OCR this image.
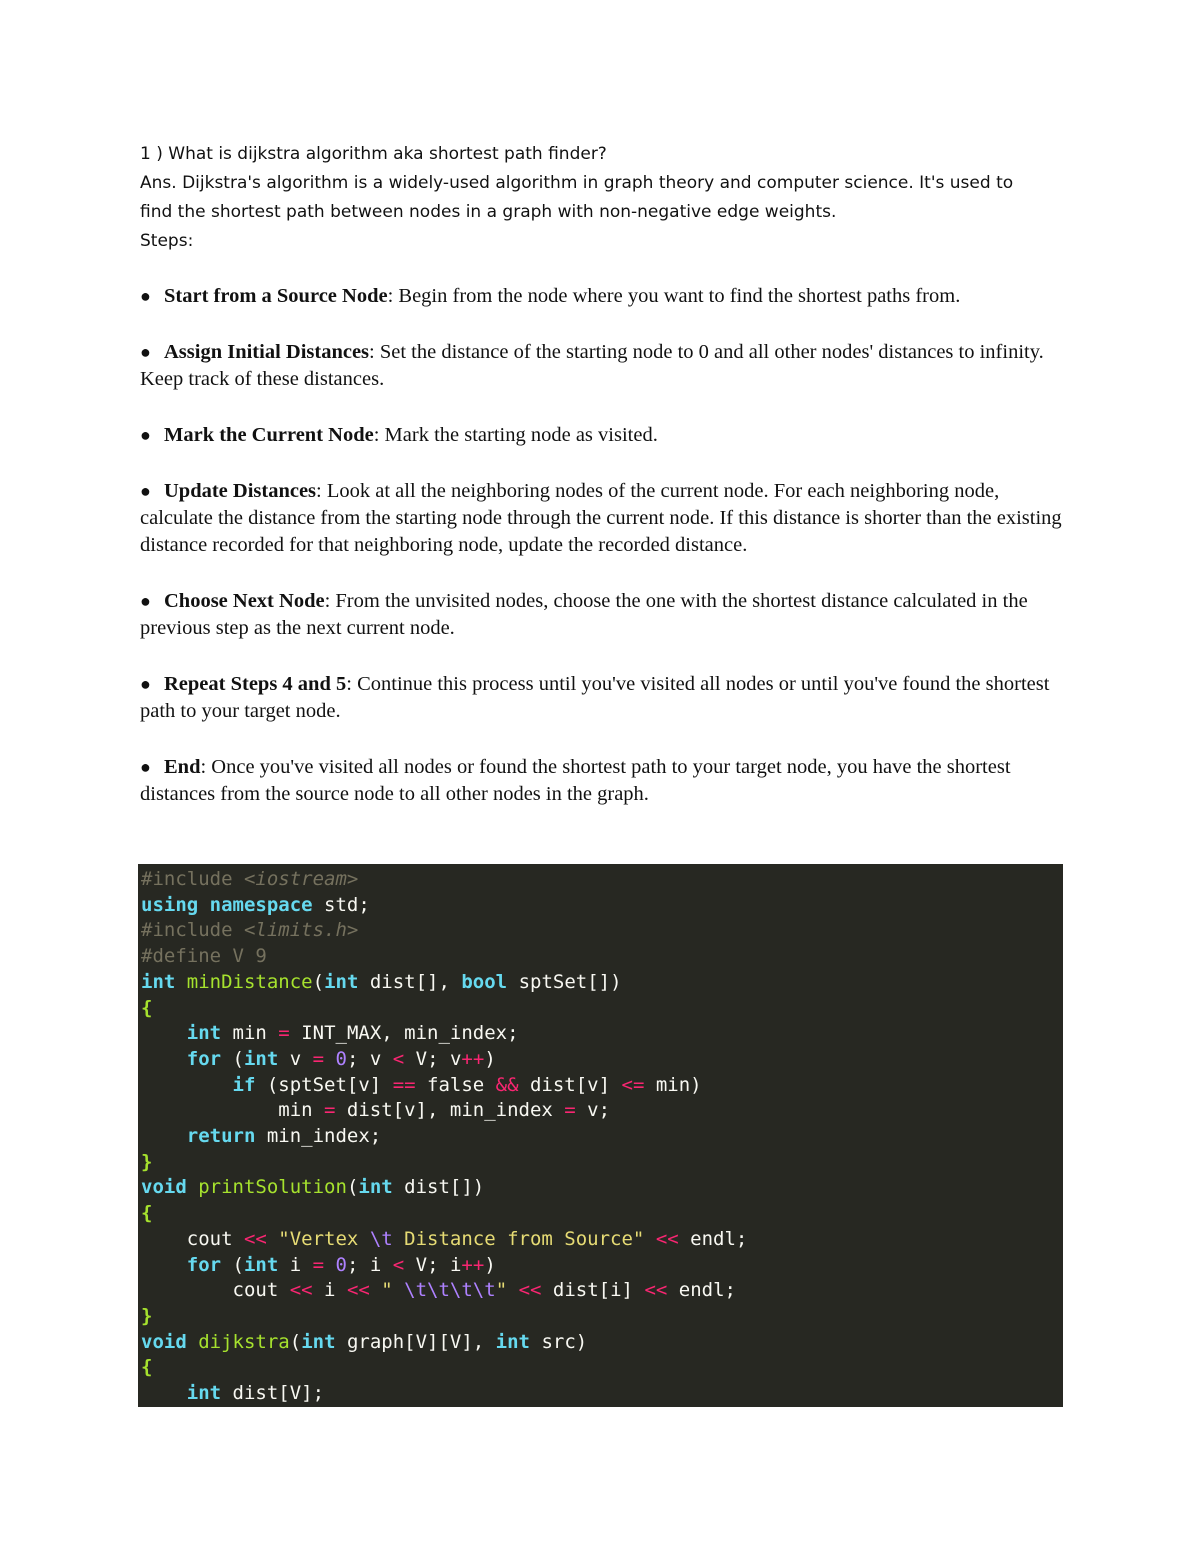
1 ) What is dijkstra algorithm aka shortest path finder?
Ans. Dijkstra's algorithm is a widely-used algorithm in graph theory and computer science. It's used to
find the shortest path between nodes in a graph with non-negative edge weights.
Steps:
● Start from a Source Node: Begin from the node where you want to find the shortest paths from.
● Assign Initial Distances: Set the distance of the starting node to 0 and all other nodes' distances to infinity. Keep track of these distances.
● Mark the Current Node: Mark the starting node as visited.
● Update Distances: Look at all the neighboring nodes of the current node. For each neighboring node, calculate the distance from the starting node through the current node. If this distance is shorter than the existing distance recorded for that neighboring node, update the recorded distance.
● Choose Next Node: From the unvisited nodes, choose the one with the shortest distance calculated in the previous step as the next current node.
● Repeat Steps 4 and 5: Continue this process until you've visited all nodes or until you've found the shortest path to your target node.
● End: Once you've visited all nodes or found the shortest path to your target node, you have the shortest distances from the source node to all other nodes in the graph.
#include <iostream>
using namespace std;
#include <limits.h>
#define V 9
int minDistance(int dist[], bool sptSet[])
{
int min = INT_MAX, min_index;
for (int v = 0; v < V; v++)
if (sptSet[v] == false && dist[v] <= min)
min = dist[v], min_index = v;
return min_index;
}
void printSolution(int dist[])
{
cout << "Vertex \t Distance from Source" << endl;
for (int i = 0; i < V; i++)
cout << i << " \t\t\t\t" << dist[i] << endl;
}
void dijkstra(int graph[V][V], int src)
{
int dist[V];
